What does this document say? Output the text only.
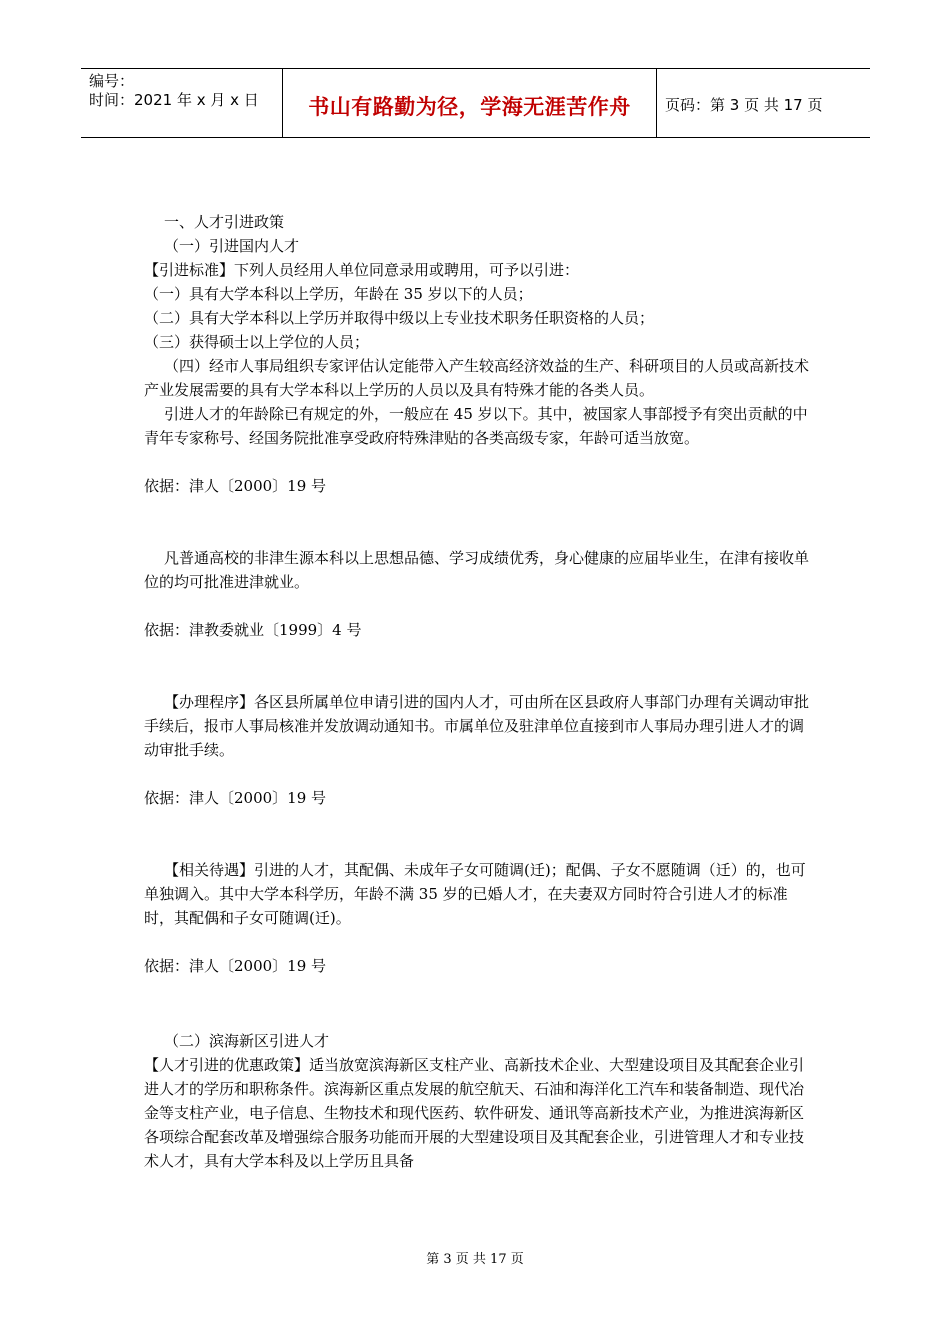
编号：
时间：2021 年 x 月 x 日	书山有路勤为径，学海无涯苦作舟	页码：第 3 页 共 17 页

一、人才引进政策

（一）引进国内人才

【引进标准】下列人员经用人单位同意录用或聘用，可予以引进：

（一）具有大学本科以上学历，年龄在 35 岁以下的人员；

（二）具有大学本科以上学历并取得中级以上专业技术职务任职资格的人员；

（三）获得硕士以上学位的人员；

（四）经市人事局组织专家评估认定能带入产生较高经济效益的生产、科研项目的人员或高新技术产业发展需要的具有大学本科以上学历的人员以及具有特殊才能的各类人员。

引进人才的年龄除已有规定的外，一般应在 45 岁以下。其中，被国家人事部授予有突出贡献的中青年专家称号、经国务院批准享受政府特殊津贴的各类高级专家，年龄可适当放宽。

依据：津人〔2000〕19 号

凡普通高校的非津生源本科以上思想品德、学习成绩优秀，身心健康的应届毕业生，在津有接收单位的均可批准进津就业。

依据：津教委就业〔1999〕4 号

【办理程序】各区县所属单位申请引进的国内人才，可由所在区县政府人事部门办理有关调动审批手续后，报市人事局核准并发放调动通知书。市属单位及驻津单位直接到市人事局办理引进人才的调动审批手续。

依据：津人〔2000〕19 号

【相关待遇】引进的人才，其配偶、未成年子女可随调(迁)；配偶、子女不愿随调（迁）的，也可单独调入。其中大学本科学历，年龄不满 35 岁的已婚人才，在夫妻双方同时符合引进人才的标准时，其配偶和子女可随调(迁)。

依据：津人〔2000〕19 号

（二）滨海新区引进人才

【人才引进的优惠政策】适当放宽滨海新区支柱产业、高新技术企业、大型建设项目及其配套企业引进人才的学历和职称条件。滨海新区重点发展的航空航天、石油和海洋化工汽车和装备制造、现代冶金等支柱产业，电子信息、生物技术和现代医药、软件研发、通讯等高新技术产业，为推进滨海新区各项综合配套改革及增强综合服务功能而开展的大型建设项目及其配套企业，引进管理人才和专业技术人才，具有大学本科及以上学历且具备

第 3 页 共 17 页
